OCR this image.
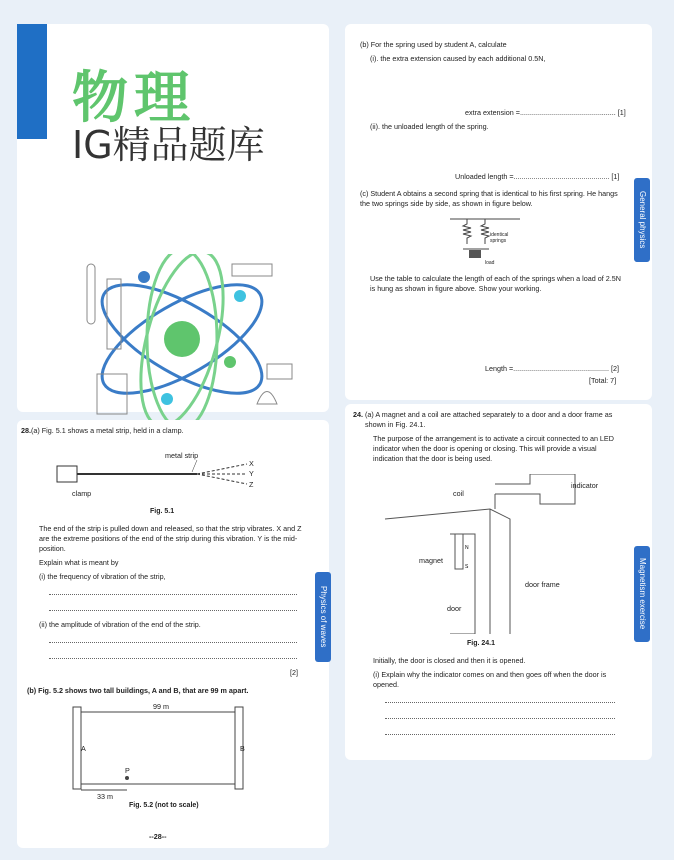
物理
IG精品题库
28. (a) Fig. 5.1 shows a metal strip, held in a clamp.
metal strip
X
Y
Z
clamp
Fig. 5.1
The end of the strip is pulled down and released, so that the strip vibrates. X and Z are the extreme positions of the end of the strip during this vibration. Y is the mid-position.
Explain what is meant by
(i) the frequency of vibration of the strip,
(ii) the amplitude of vibration of the end of the strip.
[2]
(b) Fig. 5.2 shows two tall buildings, A and B, that are 99 m apart.
99 m
A	B
P
33 m
Fig. 5.2 (not to scale)
--28--
(b) For the spring used by student A, calculate
(i). the extra extension caused by each additional 0.5N,
extra extension =................................................ [1]
(ii). the unloaded length of the spring.
Unloaded length =................................................ [1]
(c) Student A obtains a second spring that is identical to his first spring. He hangs the two springs side by side, as shown in figure below.
identical springs
load
Use the table to calculate the length of each of the springs when a load of 2.5N is hung as shown in figure above. Show your working.
Length =................................................ [2]
[Total: 7]
24. (a) A magnet and a coil are attached separately to a door and a door frame as shown in Fig. 24.1.
The purpose of the arrangement is to activate a circuit connected to an LED indicator when the door is opening or closing. This will provide a visual indication that the door is being used.
N
S
coil
indicator
magnet
door frame
door
Fig. 24.1
Initially, the door is closed and then it is opened.
(i) Explain why the indicator comes on and then goes off when the door is opened.
General physics
Physics of waves	Magnetism exercise
